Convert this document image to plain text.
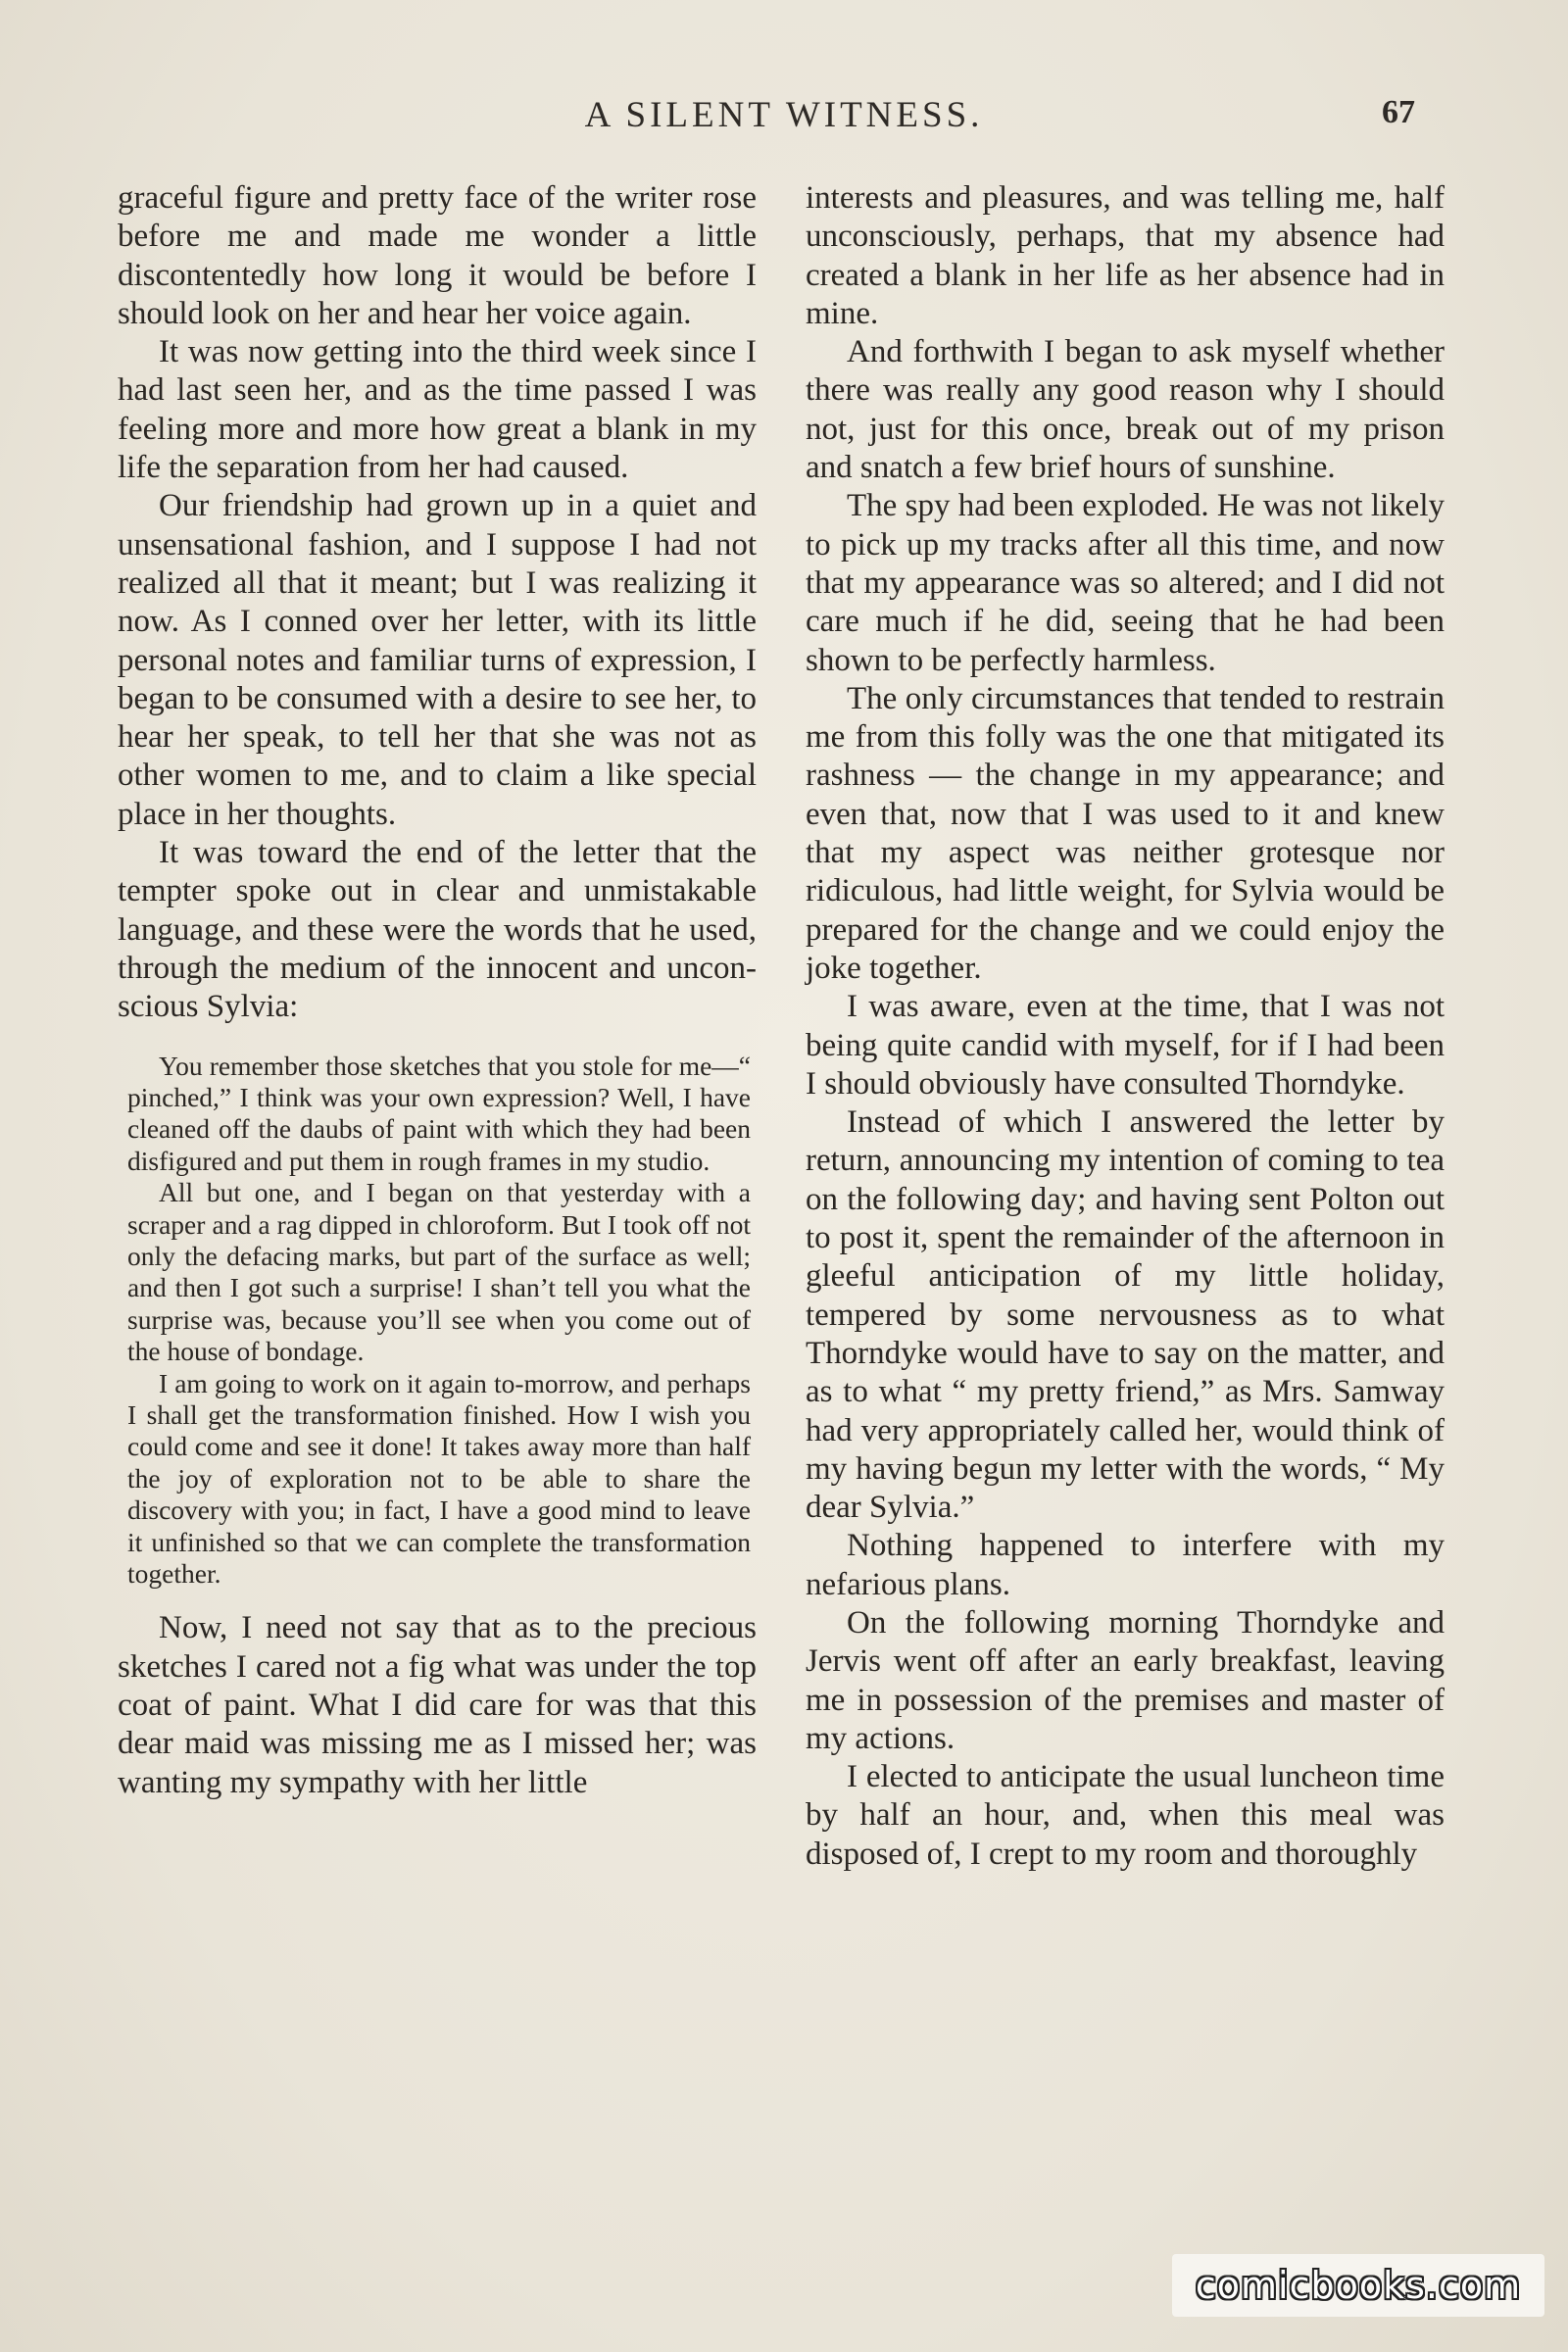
A SILENT WITNESS.	67

graceful figure and pretty face of the writer rose before me and made me wonder a little discontentedly how long it would be before I should look on her and hear her voice again.

It was now getting into the third week since I had last seen her, and as the time passed I was feeling more and more how great a blank in my life the separation from her had caused.

Our friendship had grown up in a quiet and unsensational fashion, and I suppose I had not realized all that it meant; but I was realizing it now. As I conned over her letter, with its little personal notes and familiar turns of expression, I began to be consumed with a desire to see her, to hear her speak, to tell her that she was not as other women to me, and to claim a like special place in her thoughts.

It was toward the end of the letter that the tempter spoke out in clear and unmistakable language, and these were the words that he used, through the medium of the innocent and unconscious Sylvia:

You remember those sketches that you stole for me—“ pinched,” I think was your own expression? Well, I have cleaned off the daubs of paint with which they had been disfigured and put them in rough frames in my studio.

All but one, and I began on that yesterday with a scraper and a rag dipped in chloroform. But I took off not only the defacing marks, but part of the surface as well; and then I got such a surprise! I shan’t tell you what the surprise was, because you’ll see when you come out of the house of bondage.

I am going to work on it again to-morrow, and perhaps I shall get the transformation finished. How I wish you could come and see it done! It takes away more than half the joy of exploration not to be able to share the discovery with you; in fact, I have a good mind to leave it unfinished so that we can complete the transformation together.

Now, I need not say that as to the precious sketches I cared not a fig what was under the top coat of paint. What I did care for was that this dear maid was missing me as I missed her; was wanting my sympathy with her little

interests and pleasures, and was telling me, half unconsciously, perhaps, that my absence had created a blank in her life as her absence had in mine.

And forthwith I began to ask myself whether there was really any good reason why I should not, just for this once, break out of my prison and snatch a few brief hours of sunshine.

The spy had been exploded. He was not likely to pick up my tracks after all this time, and now that my appearance was so altered; and I did not care much if he did, seeing that he had been shown to be perfectly harmless.

The only circumstances that tended to restrain me from this folly was the one that mitigated its rashness — the change in my appearance; and even that, now that I was used to it and knew that my aspect was neither grotesque nor ridiculous, had little weight, for Sylvia would be prepared for the change and we could enjoy the joke together.

I was aware, even at the time, that I was not being quite candid with myself, for if I had been I should obviously have consulted Thorndyke.

Instead of which I answered the letter by return, announcing my intention of coming to tea on the following day; and having sent Polton out to post it, spent the remainder of the afternoon in gleeful anticipation of my little holiday, tempered by some nervousness as to what Thorndyke would have to say on the matter, and as to what “ my pretty friend,” as Mrs. Samway had very appropriately called her, would think of my having begun my letter with the words, “ My dear Sylvia.”

Nothing happened to interfere with my nefarious plans.

On the following morning Thorndyke and Jervis went off after an early breakfast, leaving me in possession of the premises and master of my actions.

I elected to anticipate the usual luncheon time by half an hour, and, when this meal was disposed of, I crept to my room and thoroughly

comicbooks.com
